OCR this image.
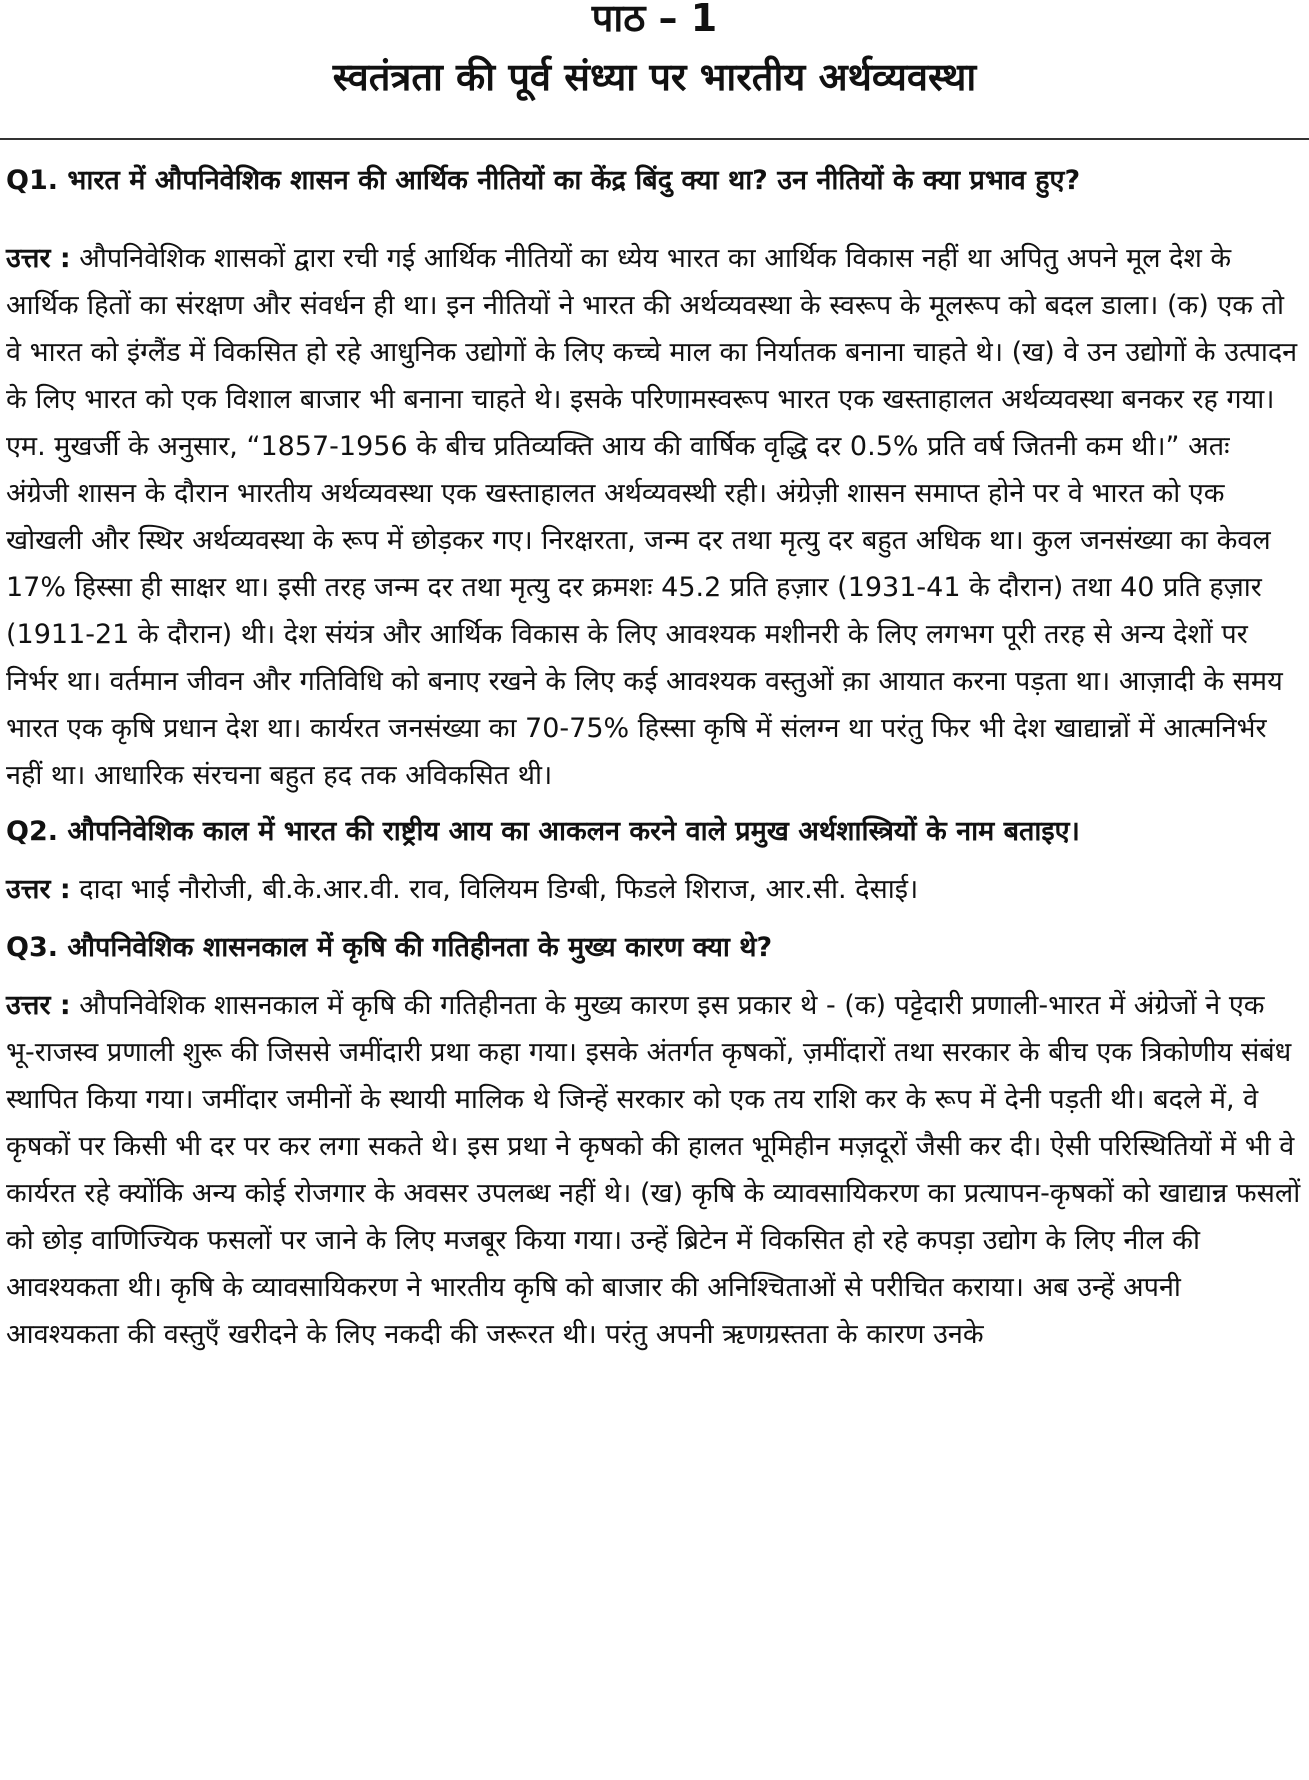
पाठ – 1
स्वतंत्रता की पूर्व संध्या पर भारतीय अर्थव्यवस्था

Q1. भारत में औपनिवेशिक शासन की आर्थिक नीतियों का केंद्र बिंदु क्या था? उन नीतियों के क्या प्रभाव हुए?

उत्तर : औपनिवेशिक शासकों द्वारा रची गई आर्थिक नीतियों का ध्येय भारत का आर्थिक विकास नहीं था अपितु अपने मूल देश के आर्थिक हितों का संरक्षण और संवर्धन ही था। इन नीतियों ने भारत की अर्थव्यवस्था के स्वरूप के मूलरूप को बदल डाला। (क) एक तो वे भारत को इंग्लैंड में विकसित हो रहे आधुनिक उद्योगों के लिए कच्चे माल का निर्यातक बनाना चाहते थे। (ख) वे उन उद्योगों के उत्पादन के लिए भारत को एक विशाल बाजार भी बनाना चाहते थे। इसके परिणामस्वरूप भारत एक खस्ताहालत अर्थव्यवस्था बनकर रह गया। एम. मुखर्जी के अनुसार, “1857-1956 के बीच प्रतिव्यक्ति आय की वार्षिक वृद्धि दर 0.5% प्रति वर्ष जितनी कम थी।” अतः अंग्रेजी शासन के दौरान भारतीय अर्थव्यवस्था एक खस्ताहालत अर्थव्यवस्थी रही। अंग्रेज़ी शासन समाप्त होने पर वे भारत को एक खोखली और स्थिर अर्थव्यवस्था के रूप में छोड़कर गए। निरक्षरता, जन्म दर तथा मृत्यु दर बहुत अधिक था। कुल जनसंख्या का केवल 17% हिस्सा ही साक्षर था। इसी तरह जन्म दर तथा मृत्यु दर क्रमशः 45.2 प्रति हज़ार (1931-41 के दौरान) तथा 40 प्रति हज़ार (1911-21 के दौरान) थी। देश संयंत्र और आर्थिक विकास के लिए आवश्यक मशीनरी के लिए लगभग पूरी तरह से अन्य देशों पर निर्भर था। वर्तमान जीवन और गतिविधि को बनाए रखने के लिए कई आवश्यक वस्तुओं क़ा आयात करना पड़ता था। आज़ादी के समय भारत एक कृषि प्रधान देश था। कार्यरत जनसंख्या का 70-75% हिस्सा कृषि में संलग्न था परंतु फिर भी देश खाद्यान्नों में आत्मनिर्भर नहीं था। आधारिक संरचना बहुत हद तक अविकसित थी।

Q2. औपनिवेशिक काल में भारत की राष्ट्रीय आय का आकलन करने वाले प्रमुख अर्थशास्त्रियों के नाम बताइए।

उत्तर : दादा भाई नौरोजी, बी.के.आर.वी. राव, विलियम डिग्बी, फिडले शिराज, आर.सी. देसाई।

Q3. औपनिवेशिक शासनकाल में कृषि की गतिहीनता के मुख्य कारण क्या थे?

उत्तर : औपनिवेशिक शासनकाल में कृषि की गतिहीनता के मुख्य कारण इस प्रकार थे - (क) पट्टेदारी प्रणाली-भारत में अंग्रेजों ने एक भू-राजस्व प्रणाली शुरू की जिससे जमींदारी प्रथा कहा गया। इसके अंतर्गत कृषकों, ज़मींदारों तथा सरकार के बीच एक त्रिकोणीय संबंध स्थापित किया गया। जमींदार जमीनों के स्थायी मालिक थे जिन्हें सरकार को एक तय राशि कर के रूप में देनी पड़ती थी। बदले में, वे कृषकों पर किसी भी दर पर कर लगा सकते थे। इस प्रथा ने कृषको की हालत भूमिहीन मज़दूरों जैसी कर दी। ऐसी परिस्थितियों में भी वे कार्यरत रहे क्योंकि अन्य कोई रोजगार के अवसर उपलब्ध नहीं थे। (ख) कृषि के व्यावसायिकरण का प्रत्यापन-कृषकों को खाद्यान्न फसलों को छोड़ वाणिज्यिक फसलों पर जाने के लिए मजबूर किया गया। उन्हें ब्रिटेन में विकसित हो रहे कपड़ा उद्योग के लिए नील की आवश्यकता थी। कृषि के व्यावसायिकरण ने भारतीय कृषि को बाजार की अनिश्चिताओं से परीचित कराया। अब उन्हें अपनी आवश्यकता की वस्तुएँ खरीदने के लिए नकदी की जरूरत थी। परंतु अपनी ऋणग्रस्तता के कारण उनके
